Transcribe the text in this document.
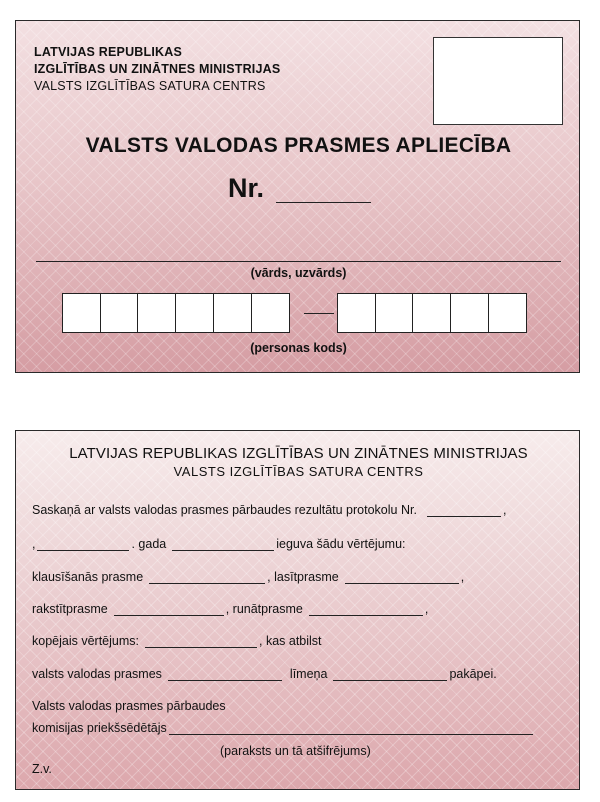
LATVIJAS REPUBLIKAS
IZGLĪTĪBAS UN ZINĀTNES MINISTRIJAS
VALSTS IZGLĪTĪBAS SATURA CENTRS
VALSTS VALODAS PRASMES APLIECĪBA
Nr.
(vārds, uzvārds)
(personas kods)
LATVIJAS REPUBLIKAS IZGLĪTĪBAS UN ZINĀTNES MINISTRIJAS
VALSTS IZGLĪTĪBAS SATURA CENTRS
Saskaņā ar valsts valodas prasmes pārbaudes rezultātu protokolu Nr.	,
,	. gada	ieguva šādu vērtējumu:
klausīšanās prasme	, lasītprasme	,
rakstītprasme	, runātprasme	,
kopējais vērtējums:	, kas atbilst
valsts valodas prasmes	līmeņa	pakāpei.
Valsts valodas prasmes pārbaudes
komisijas priekšsēdētājs
(paraksts un tā atšifrējums)
Z.v.
